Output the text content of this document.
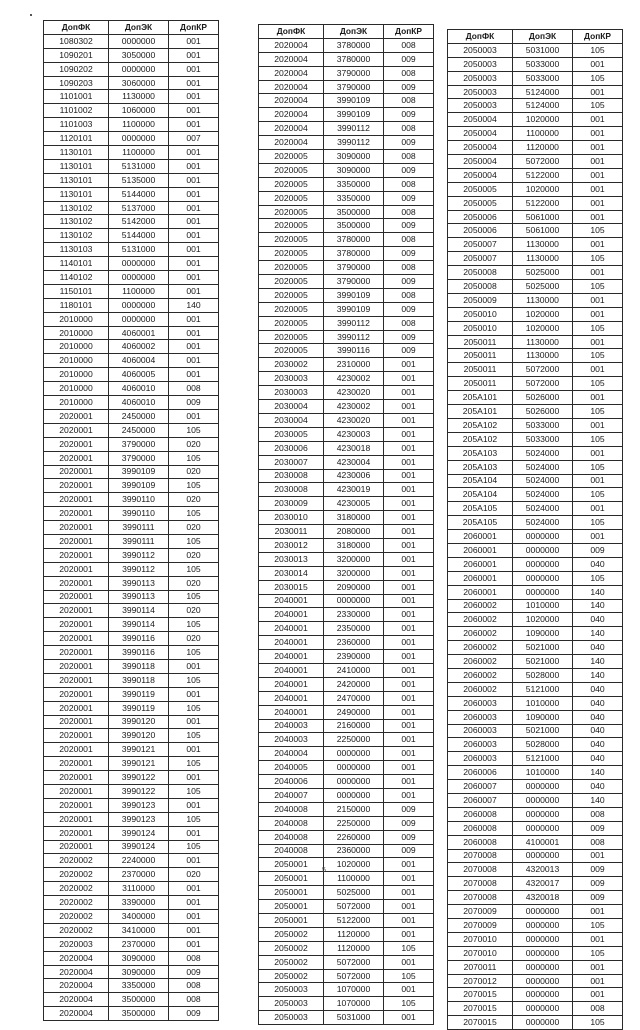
ДопФК	ДопЭК	ДопКР
1080302	0000000	001
1090201	3050000	001
1090202	0000000	001
1090203	3060000	001
1101001	1130000	001
1101002	1060000	001
1101003	1100000	001
1120101	0000000	007
1130101	1100000	001
1130101	5131000	001
1130101	5135000	001
1130101	5144000	001
1130102	5137000	001
1130102	5142000	001
1130102	5144000	001
1130103	5131000	001
1140101	0000000	001
1140102	0000000	001
1150101	1100000	001
1180101	0000000	140
2010000	0000000	001
2010000	4060001	001
2010000	4060002	001
2010000	4060004	001
2010000	4060005	001
2010000	4060010	008
2010000	4060010	009
2020001	2450000	001
2020001	2450000	105
2020001	3790000	020
2020001	3790000	105
2020001	3990109	020
2020001	3990109	105
2020001	3990110	020
2020001	3990110	105
2020001	3990111	020
2020001	3990111	105
2020001	3990112	020
2020001	3990112	105
2020001	3990113	020
2020001	3990113	105
2020001	3990114	020
2020001	3990114	105
2020001	3990116	020
2020001	3990116	105
2020001	3990118	001
2020001	3990118	105
2020001	3990119	001
2020001	3990119	105
2020001	3990120	001
2020001	3990120	105
2020001	3990121	001
2020001	3990121	105
2020001	3990122	001
2020001	3990122	105
2020001	3990123	001
2020001	3990123	105
2020001	3990124	001
2020001	3990124	105
2020002	2240000	001
2020002	2370000	020
2020002	3110000	001
2020002	3390000	001
2020002	3400000	001
2020002	3410000	001
2020003	2370000	001
2020004	3090000	008
2020004	3090000	009
2020004	3350000	008
2020004	3500000	008
2020004	3500000	009
ДопФК	ДопЭК	ДопКР
2020004	3780000	008
2020004	3780000	009
2020004	3790000	008
2020004	3790000	009
2020004	3990109	008
2020004	3990109	009
2020004	3990112	008
2020004	3990112	009
2020005	3090000	008
2020005	3090000	009
2020005	3350000	008
2020005	3350000	009
2020005	3500000	008
2020005	3500000	009
2020005	3780000	008
2020005	3780000	009
2020005	3790000	008
2020005	3790000	009
2020005	3990109	008
2020005	3990109	009
2020005	3990112	008
2020005	3990112	009
2020005	3990116	009
2030002	2310000	001
2030003	4230002	001
2030003	4230020	001
2030004	4230002	001
2030004	4230020	001
2030005	4230003	001
2030006	4230018	001
2030007	4230004	001
2030008	4230006	001
2030008	4230019	001
2030009	4230005	001
2030010	3180000	001
2030011	2080000	001
2030012	3180000	001
2030013	3200000	001
2030014	3200000	001
2030015	2090000	001
2040001	0000000	001
2040001	2330000	001
2040001	2350000	001
2040001	2360000	001
2040001	2390000	001
2040001	2410000	001
2040001	2420000	001
2040001	2470000	001
2040001	2490000	001
2040003	2160000	001
2040003	2250000	001
2040004	0000000	001
2040005	0000000	001
2040006	0000000	001
2040007	0000000	001
2040008	2150000	009
2040008	2250000	009
2040008	2260000	009
2040008	2360000	009
2050001	1020000	001
2050001	1100000	001
2050001	5025000	001
2050001	5072000	001
2050001	5122000	001
2050002	1120000	001
2050002	1120000	105
2050002	5072000	001
2050002	5072000	105
2050003	1070000	001
2050003	1070000	105
2050003	5031000	001
ДопФК	ДопЭК	ДопКР
2050003	5031000	105
2050003	5033000	001
2050003	5033000	105
2050003	5124000	001
2050003	5124000	105
2050004	1020000	001
2050004	1100000	001
2050004	1120000	001
2050004	5072000	001
2050004	5122000	001
2050005	1020000	001
2050005	5122000	001
2050006	5061000	001
2050006	5061000	105
2050007	1130000	001
2050007	1130000	105
2050008	5025000	001
2050008	5025000	105
2050009	1130000	001
2050010	1020000	001
2050010	1020000	105
2050011	1130000	001
2050011	1130000	105
2050011	5072000	001
2050011	5072000	105
205A101	5026000	001
205A101	5026000	105
205A102	5033000	001
205A102	5033000	105
205A103	5024000	001
205A103	5024000	105
205A104	5024000	001
205A104	5024000	105
205A105	5024000	001
205A105	5024000	105
2060001	0000000	001
2060001	0000000	009
2060001	0000000	040
2060001	0000000	105
2060001	0000000	140
2060002	1010000	140
2060002	1020000	040
2060002	1090000	140
2060002	5021000	040
2060002	5021000	140
2060002	5028000	140
2060002	5121000	040
2060003	1010000	040
2060003	1090000	040
2060003	5021000	040
2060003	5028000	040
2060003	5121000	040
2060006	1010000	140
2060007	0000000	040
2060007	0000000	140
2060008	0000000	008
2060008	0000000	009
2060008	4100001	008
2070008	0000000	001
2070008	4320013	009
2070008	4320017	009
2070008	4320018	009
2070009	0000000	001
2070009	0000000	105
2070010	0000000	001
2070010	0000000	105
2070011	0000000	001
2070012	0000000	001
2070015	0000000	001
2070015	0000000	008
2070015	0000000	105
5
